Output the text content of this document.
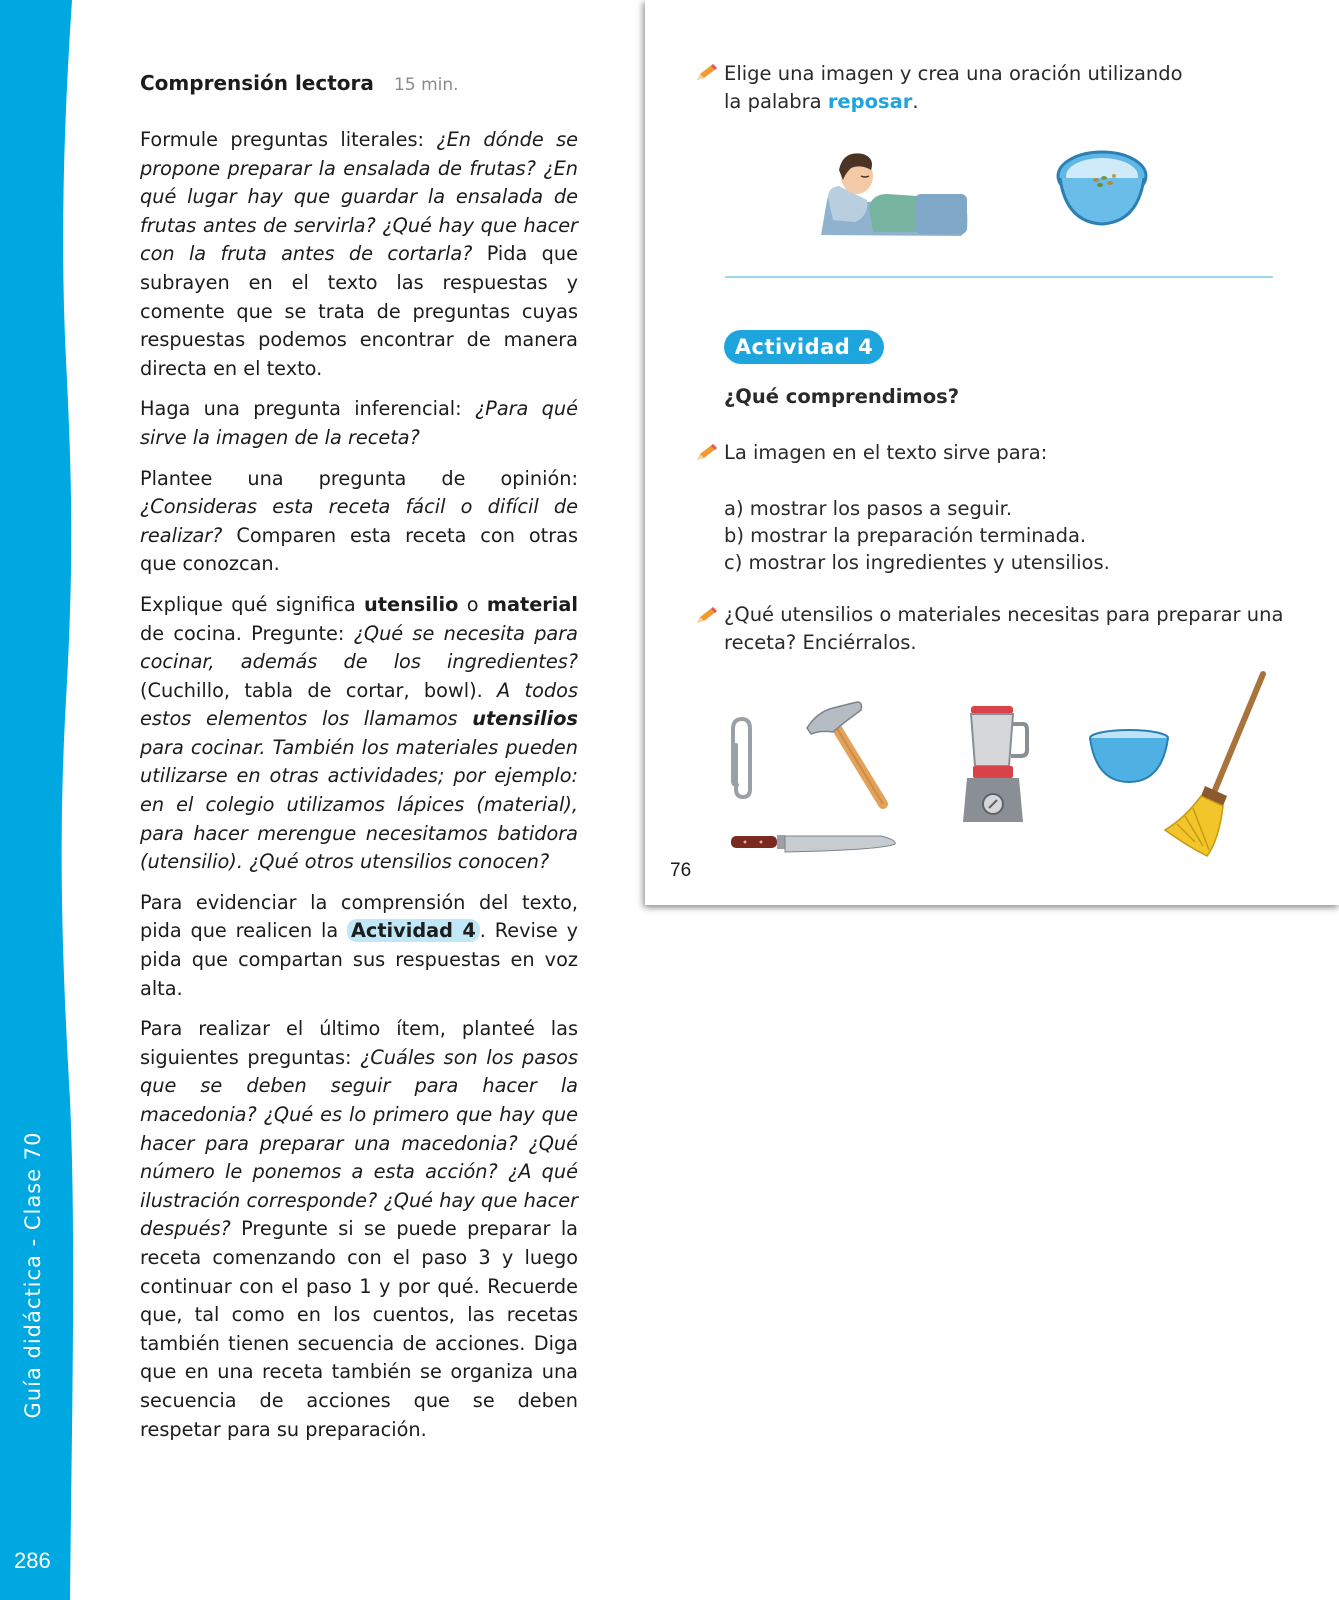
Guía didáctica - Clase 70
286
Comprensión lectora 15 min.

Formule preguntas literales: ¿En dónde se propone preparar la ensalada de frutas? ¿En qué lugar hay que guardar la ensalada de frutas antes de servirla? ¿Qué hay que hacer con la fruta antes de cortarla? Pida que subrayen en el texto las respuestas y comente que se trata de preguntas cuyas respuestas podemos encontrar de manera directa en el texto.

Haga una pregunta inferencial: ¿Para qué sirve la imagen de la receta?

Plantee una pregunta de opinión: ¿Consideras esta receta fácil o difícil de realizar? Comparen esta receta con otras que conozcan.

Explique qué significa utensilio o material de cocina. Pregunte: ¿Qué se necesita para cocinar, además de los ingredientes? (Cuchillo, tabla de cortar, bowl). A todos estos elementos los llamamos utensilios para cocinar. También los materiales pueden utilizarse en otras actividades; por ejemplo: en el colegio utilizamos lápices (material), para hacer merengue necesitamos batidora (utensilio). ¿Qué otros utensilios conocen?

Para evidenciar la comprensión del texto, pida que realicen la Actividad 4 . Revise y pida que compartan sus respuestas en voz alta.

Para realizar el último ítem, planteé las siguientes preguntas: ¿Cuáles son los pasos que se deben seguir para hacer la macedonia? ¿Qué es lo primero que hay que hacer para preparar una macedonia? ¿Qué número le ponemos a esta acción? ¿A qué ilustración corresponde? ¿Qué hay que hacer después? Pregunte si se puede preparar la receta comenzando con el paso 3 y luego continuar con el paso 1 y por qué. Recuerde que, tal como en los cuentos, las recetas también tienen secuencia de acciones. Diga que en una receta también se organiza una secuencia de acciones que se deben respetar para su preparación.

Elige una imagen y crea una oración utilizando
la palabra reposar.
Actividad 4
¿Qué comprendimos?
La imagen en el texto sirve para:
a) mostrar los pasos a seguir.
b) mostrar la preparación terminada.
c) mostrar los ingredientes y utensilios.
¿Qué utensilios o materiales necesitas para preparar una
receta? Enciérralos.
76
